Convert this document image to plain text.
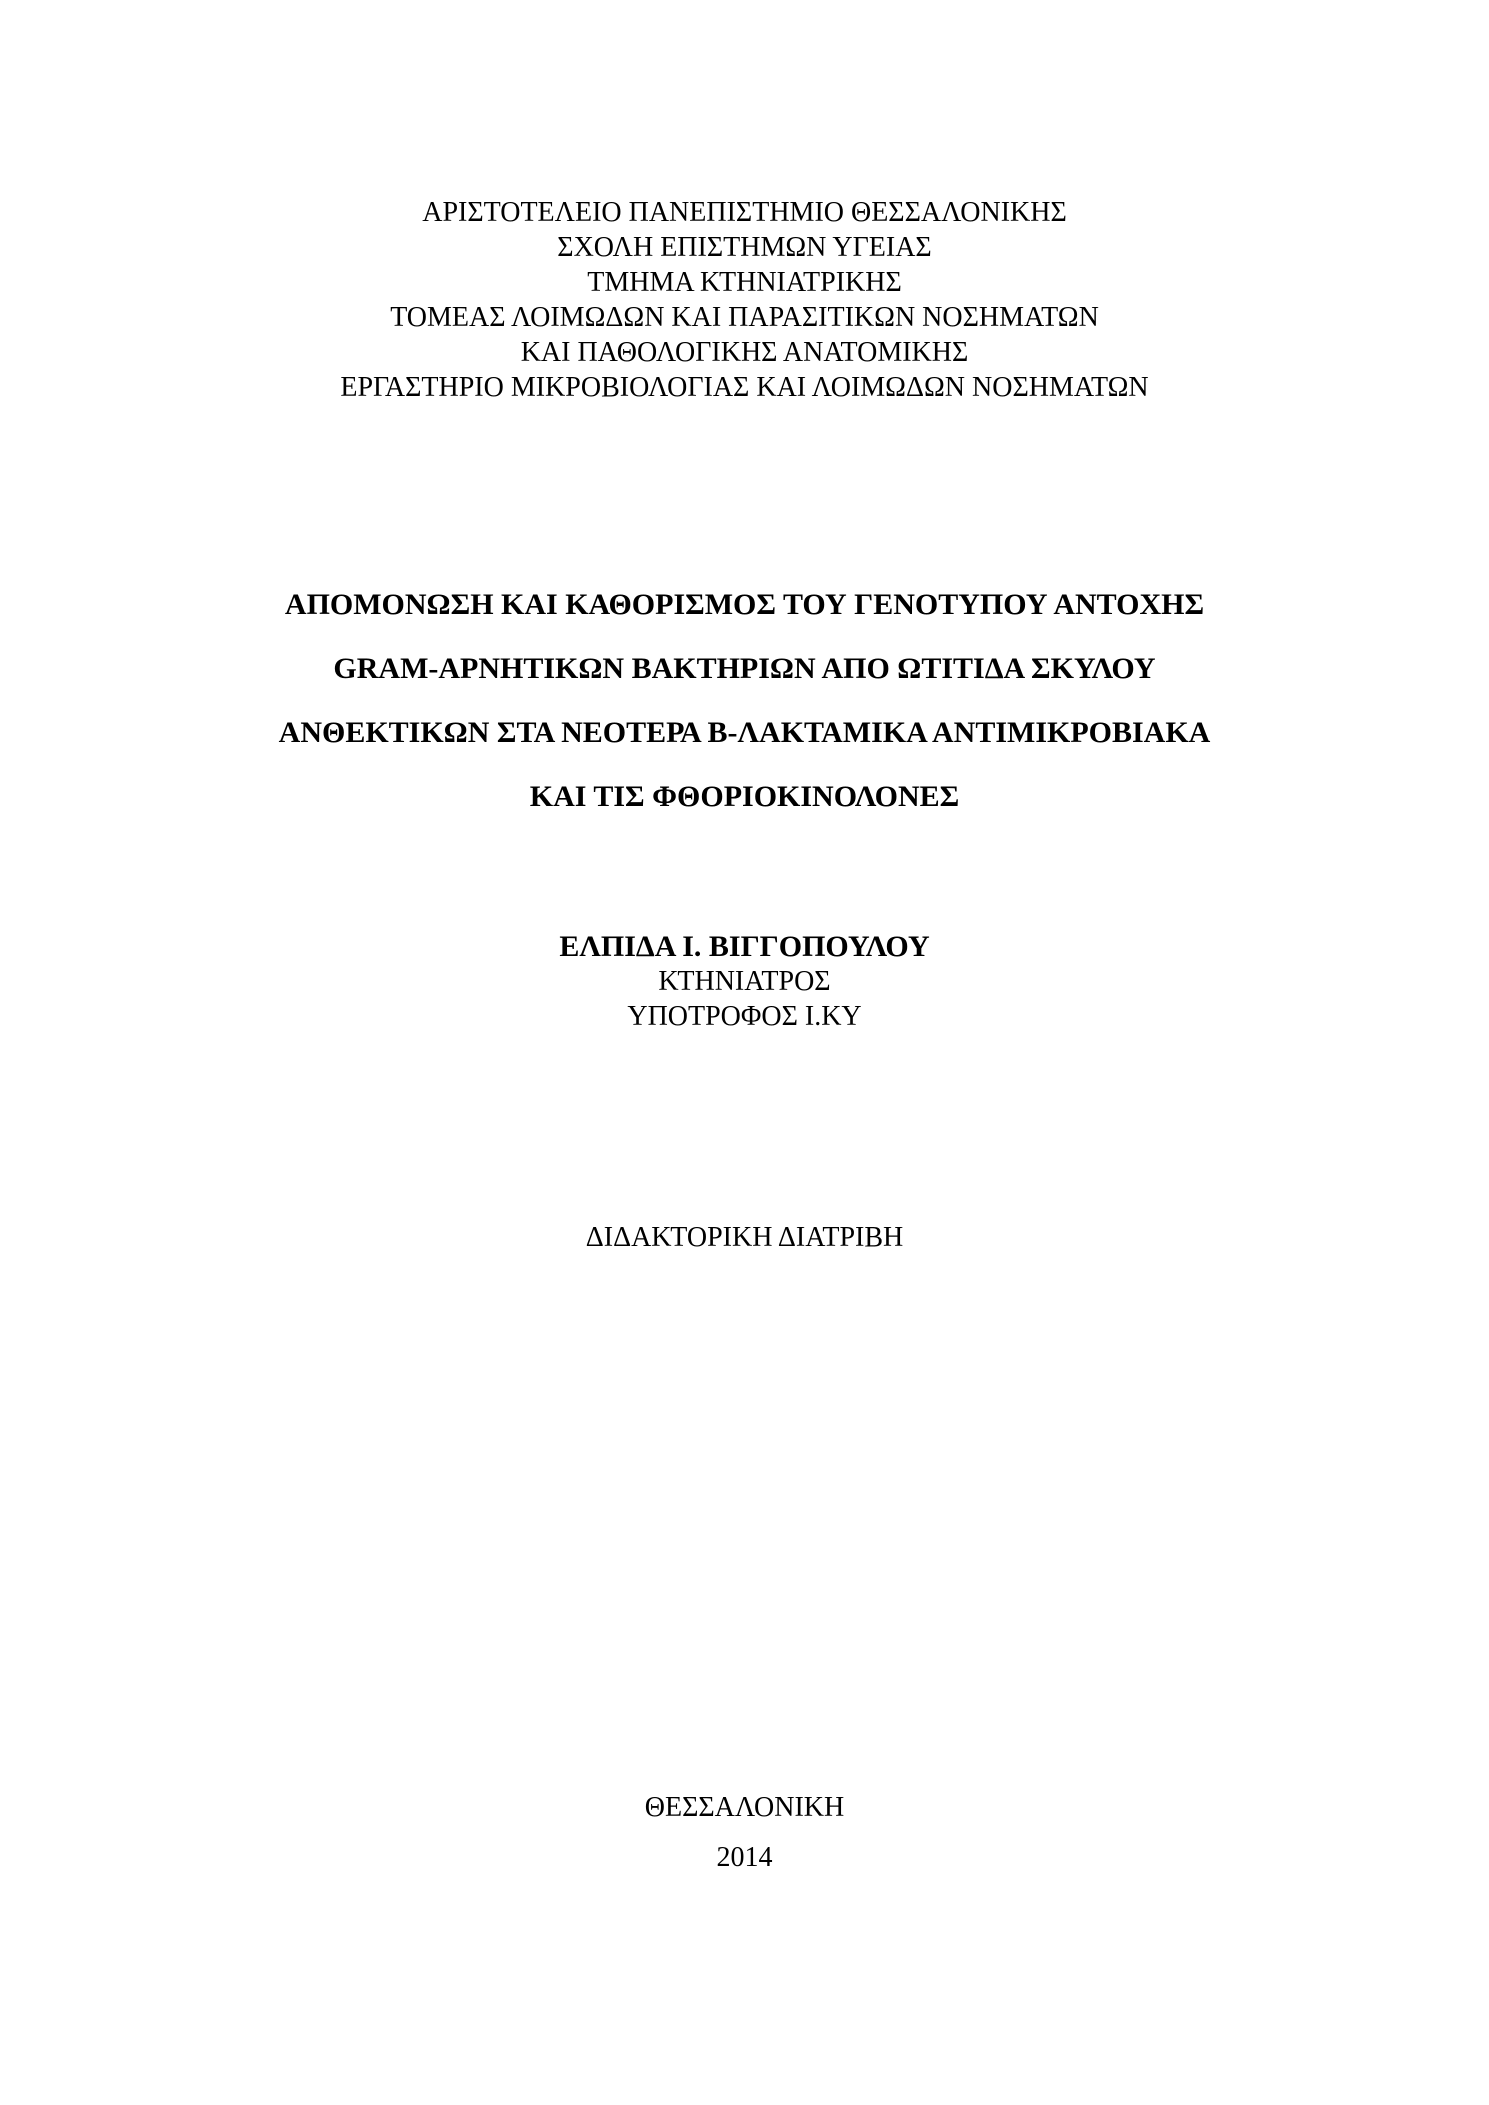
ΑΡΙΣΤΟΤΕΛΕΙΟ ΠΑΝΕΠΙΣΤΗΜΙΟ ΘΕΣΣΑΛΟΝΙΚΗΣ
ΣΧΟΛΗ ΕΠΙΣΤΗΜΩΝ ΥΓΕΙΑΣ
ΤΜΗΜΑ ΚΤΗΝΙΑΤΡΙΚΗΣ
ΤΟΜΕΑΣ ΛΟΙΜΩΔΩΝ ΚΑΙ ΠΑΡΑΣΙΤΙΚΩΝ ΝΟΣΗΜΑΤΩΝ
ΚΑΙ ΠΑΘΟΛΟΓΙΚΗΣ ΑΝΑΤΟΜΙΚΗΣ
ΕΡΓΑΣΤΗΡΙΟ ΜΙΚΡΟΒΙΟΛΟΓΙΑΣ ΚΑΙ ΛΟΙΜΩΔΩΝ ΝΟΣΗΜΑΤΩΝ
ΑΠΟΜΟΝΩΣΗ ΚΑΙ ΚΑΘΟΡΙΣΜΟΣ ΤΟΥ ΓΕΝΟΤΥΠΟΥ ΑΝΤΟΧΗΣ
GRAM-ΑΡΝΗΤΙΚΩΝ ΒΑΚΤΗΡΙΩΝ ΑΠΟ ΩΤΙΤΙΔΑ ΣΚΥΛΟΥ
ΑΝΘΕΚΤΙΚΩΝ ΣΤΑ ΝΕΟΤΕΡΑ Β-ΛΑΚΤΑΜΙΚΑ ΑΝΤΙΜΙΚΡΟΒΙΑΚΑ
ΚΑΙ ΤΙΣ ΦΘΟΡΙΟΚΙΝΟΛΟΝΕΣ
ΕΛΠΙΔΑ Ι. ΒΙΓΓΟΠΟΥΛΟΥ
ΚΤΗΝΙΑΤΡΟΣ
ΥΠΟΤΡΟΦΟΣ Ι.ΚΥ
ΔΙΔΑΚΤΟΡΙΚΗ ΔΙΑΤΡΙΒΗ
ΘΕΣΣΑΛΟΝΙΚΗ
2014
